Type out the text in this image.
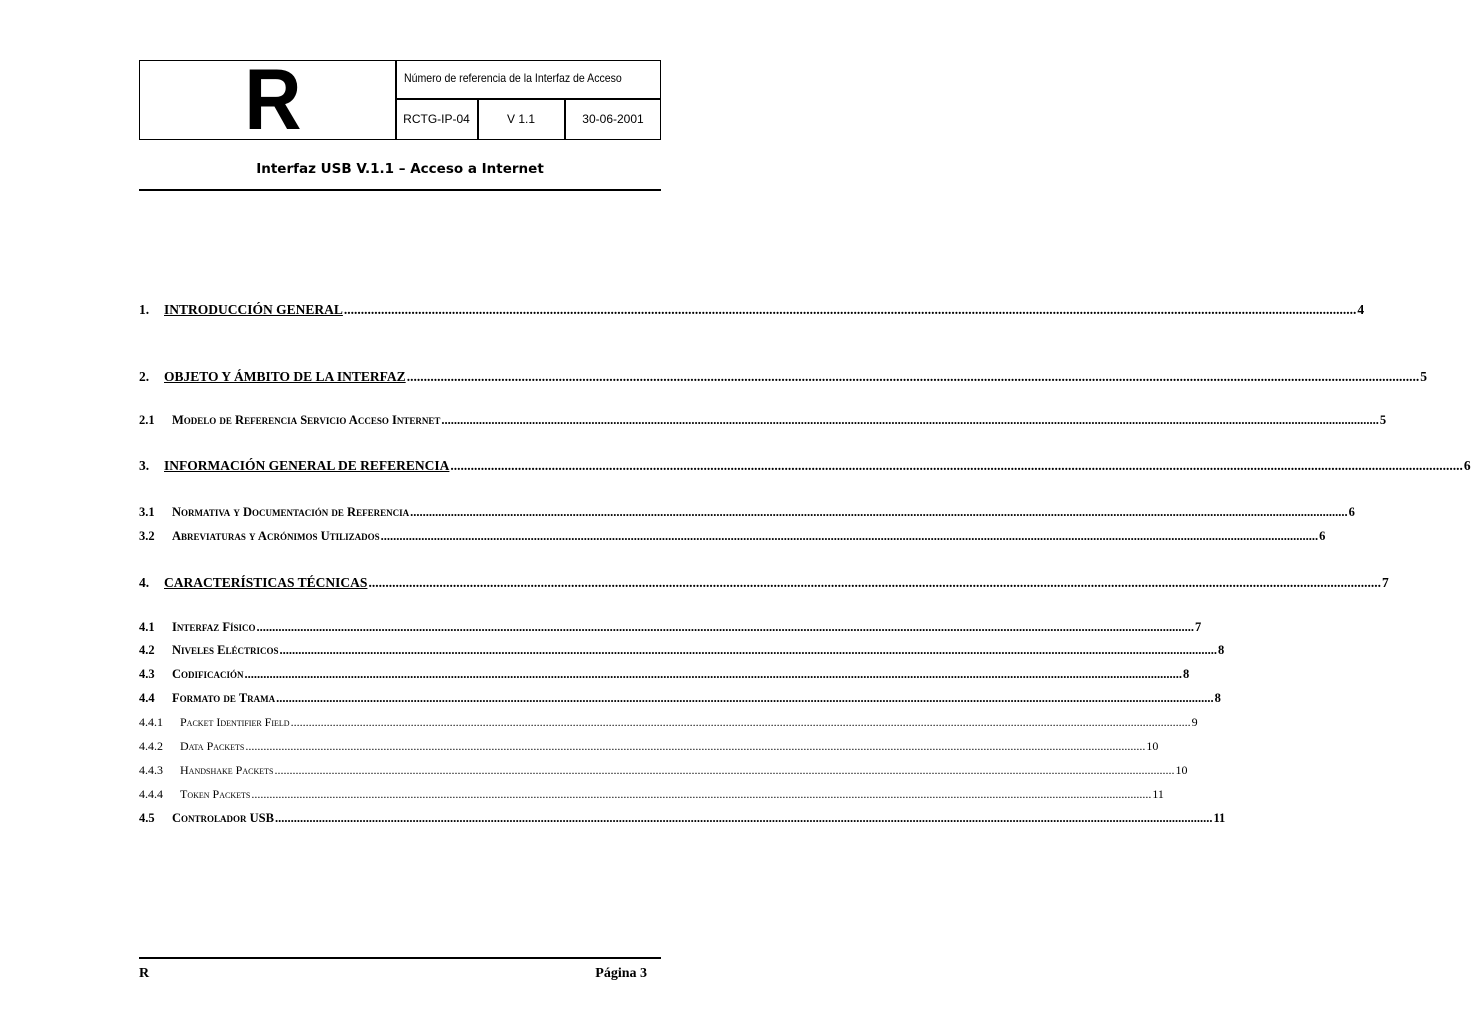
R	Número de referencia de la Interfaz de Acceso
RCTG-IP-04	V 1.1	30-06-2001
Interfaz USB V.1.1 – Acceso a Internet
1.	INTRODUCCIÓN GENERAL ............................................................................................................................................................................................................................................................................................................ 4
2.	OBJETO Y ÁMBITO DE LA INTERFAZ ............................................................................................................................................................................................................................................................................................................ 5
2.1	Modelo de Referencia Servicio Acceso Internet ............................................................................................................................................................................................................................................................................................................ 5
3.	INFORMACIÓN GENERAL DE REFERENCIA ............................................................................................................................................................................................................................................................................................................ 6
3.1	Normativa y Documentación de Referencia ............................................................................................................................................................................................................................................................................................................ 6
3.2	Abreviaturas y Acrónimos Utilizados ............................................................................................................................................................................................................................................................................................................ 6
4.	CARACTERÍSTICAS TÉCNICAS ............................................................................................................................................................................................................................................................................................................ 7
4.1	Interfaz Físico ............................................................................................................................................................................................................................................................................................................ 7
4.2	Niveles Eléctricos ............................................................................................................................................................................................................................................................................................................ 8
4.3	Codificación ............................................................................................................................................................................................................................................................................................................ 8
4.4	Formato de Trama ............................................................................................................................................................................................................................................................................................................ 8
4.4.1	Packet Identifier Field ............................................................................................................................................................................................................................................................................................................ 9
4.4.2	Data Packets ............................................................................................................................................................................................................................................................................................................ 10
4.4.3	Handshake Packets ............................................................................................................................................................................................................................................................................................................ 10
4.4.4	Token Packets ............................................................................................................................................................................................................................................................................................................ 11
4.5	Controlador USB ............................................................................................................................................................................................................................................................................................................ 11
R	Página 3
